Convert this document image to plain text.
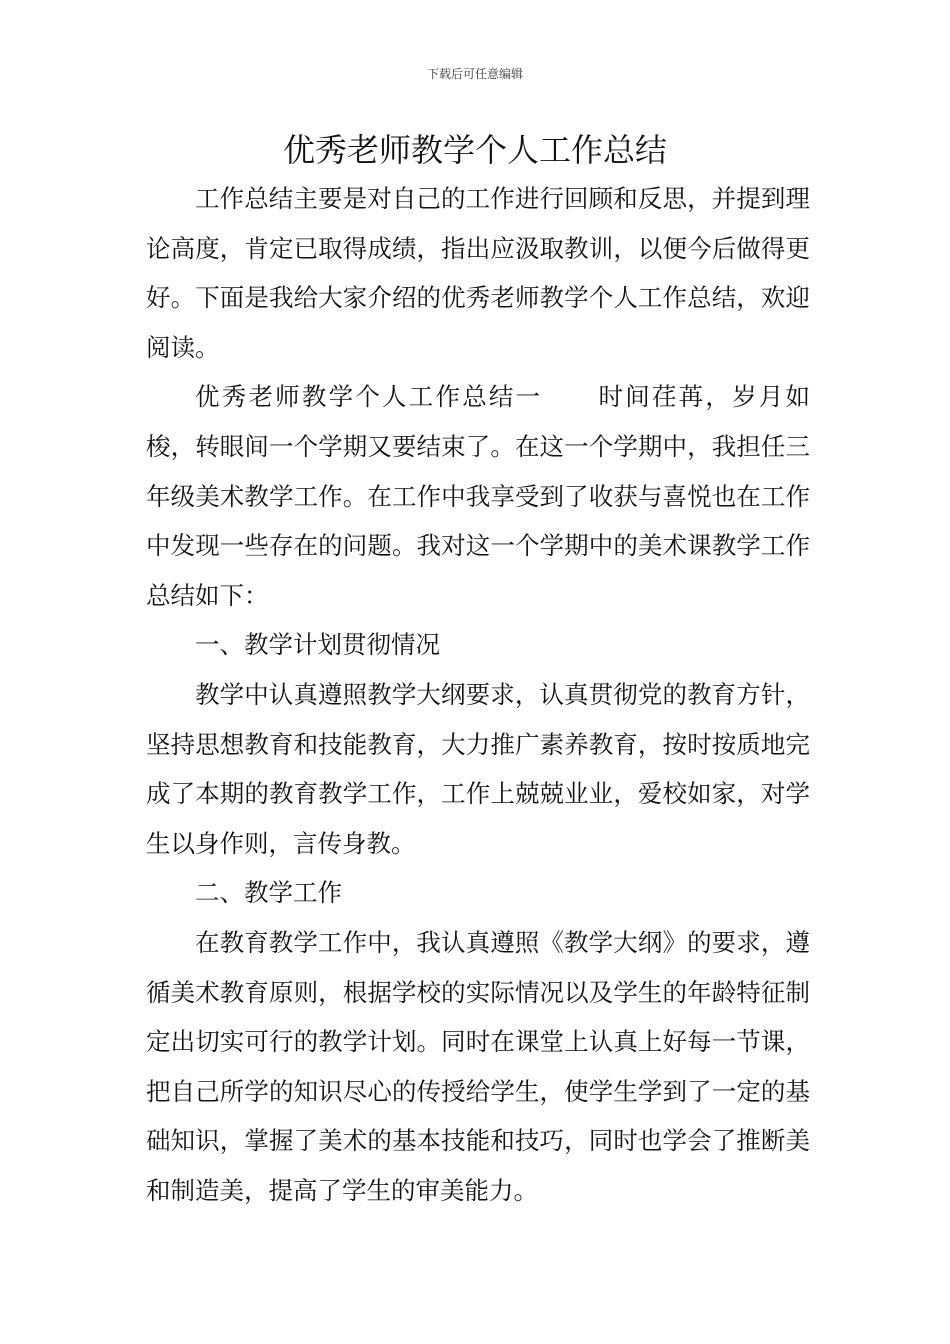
下载后可任意编辑
优秀老师教学个人工作总结

工作总结主要是对自己的工作进行回顾和反思，并提到理论高度，肯定已取得成绩，指出应汲取教训，以便今后做得更好。下面是我给大家介绍的优秀老师教学个人工作总结，欢迎阅读。

优秀老师教学个人工作总结一 时间荏苒，岁月如梭，转眼间一个学期又要结束了。在这一个学期中，我担任三年级美术教学工作。在工作中我享受到了收获与喜悦也在工作中发现一些存在的问题。我对这一个学期中的美术课教学工作总结如下：

一、教学计划贯彻情况

教学中认真遵照教学大纲要求，认真贯彻党的教育方针，坚持思想教育和技能教育，大力推广素养教育，按时按质地完成了本期的教育教学工作，工作上兢兢业业，爱校如家，对学生以身作则，言传身教。

二、教学工作

在教育教学工作中，我认真遵照《教学大纲》的要求，遵循美术教育原则，根据学校的实际情况以及学生的年龄特征制定出切实可行的教学计划。同时在课堂上认真上好每一节课，把自己所学的知识尽心的传授给学生，使学生学到了一定的基础知识，掌握了美术的基本技能和技巧，同时也学会了推断美和制造美，提高了学生的审美能力。
